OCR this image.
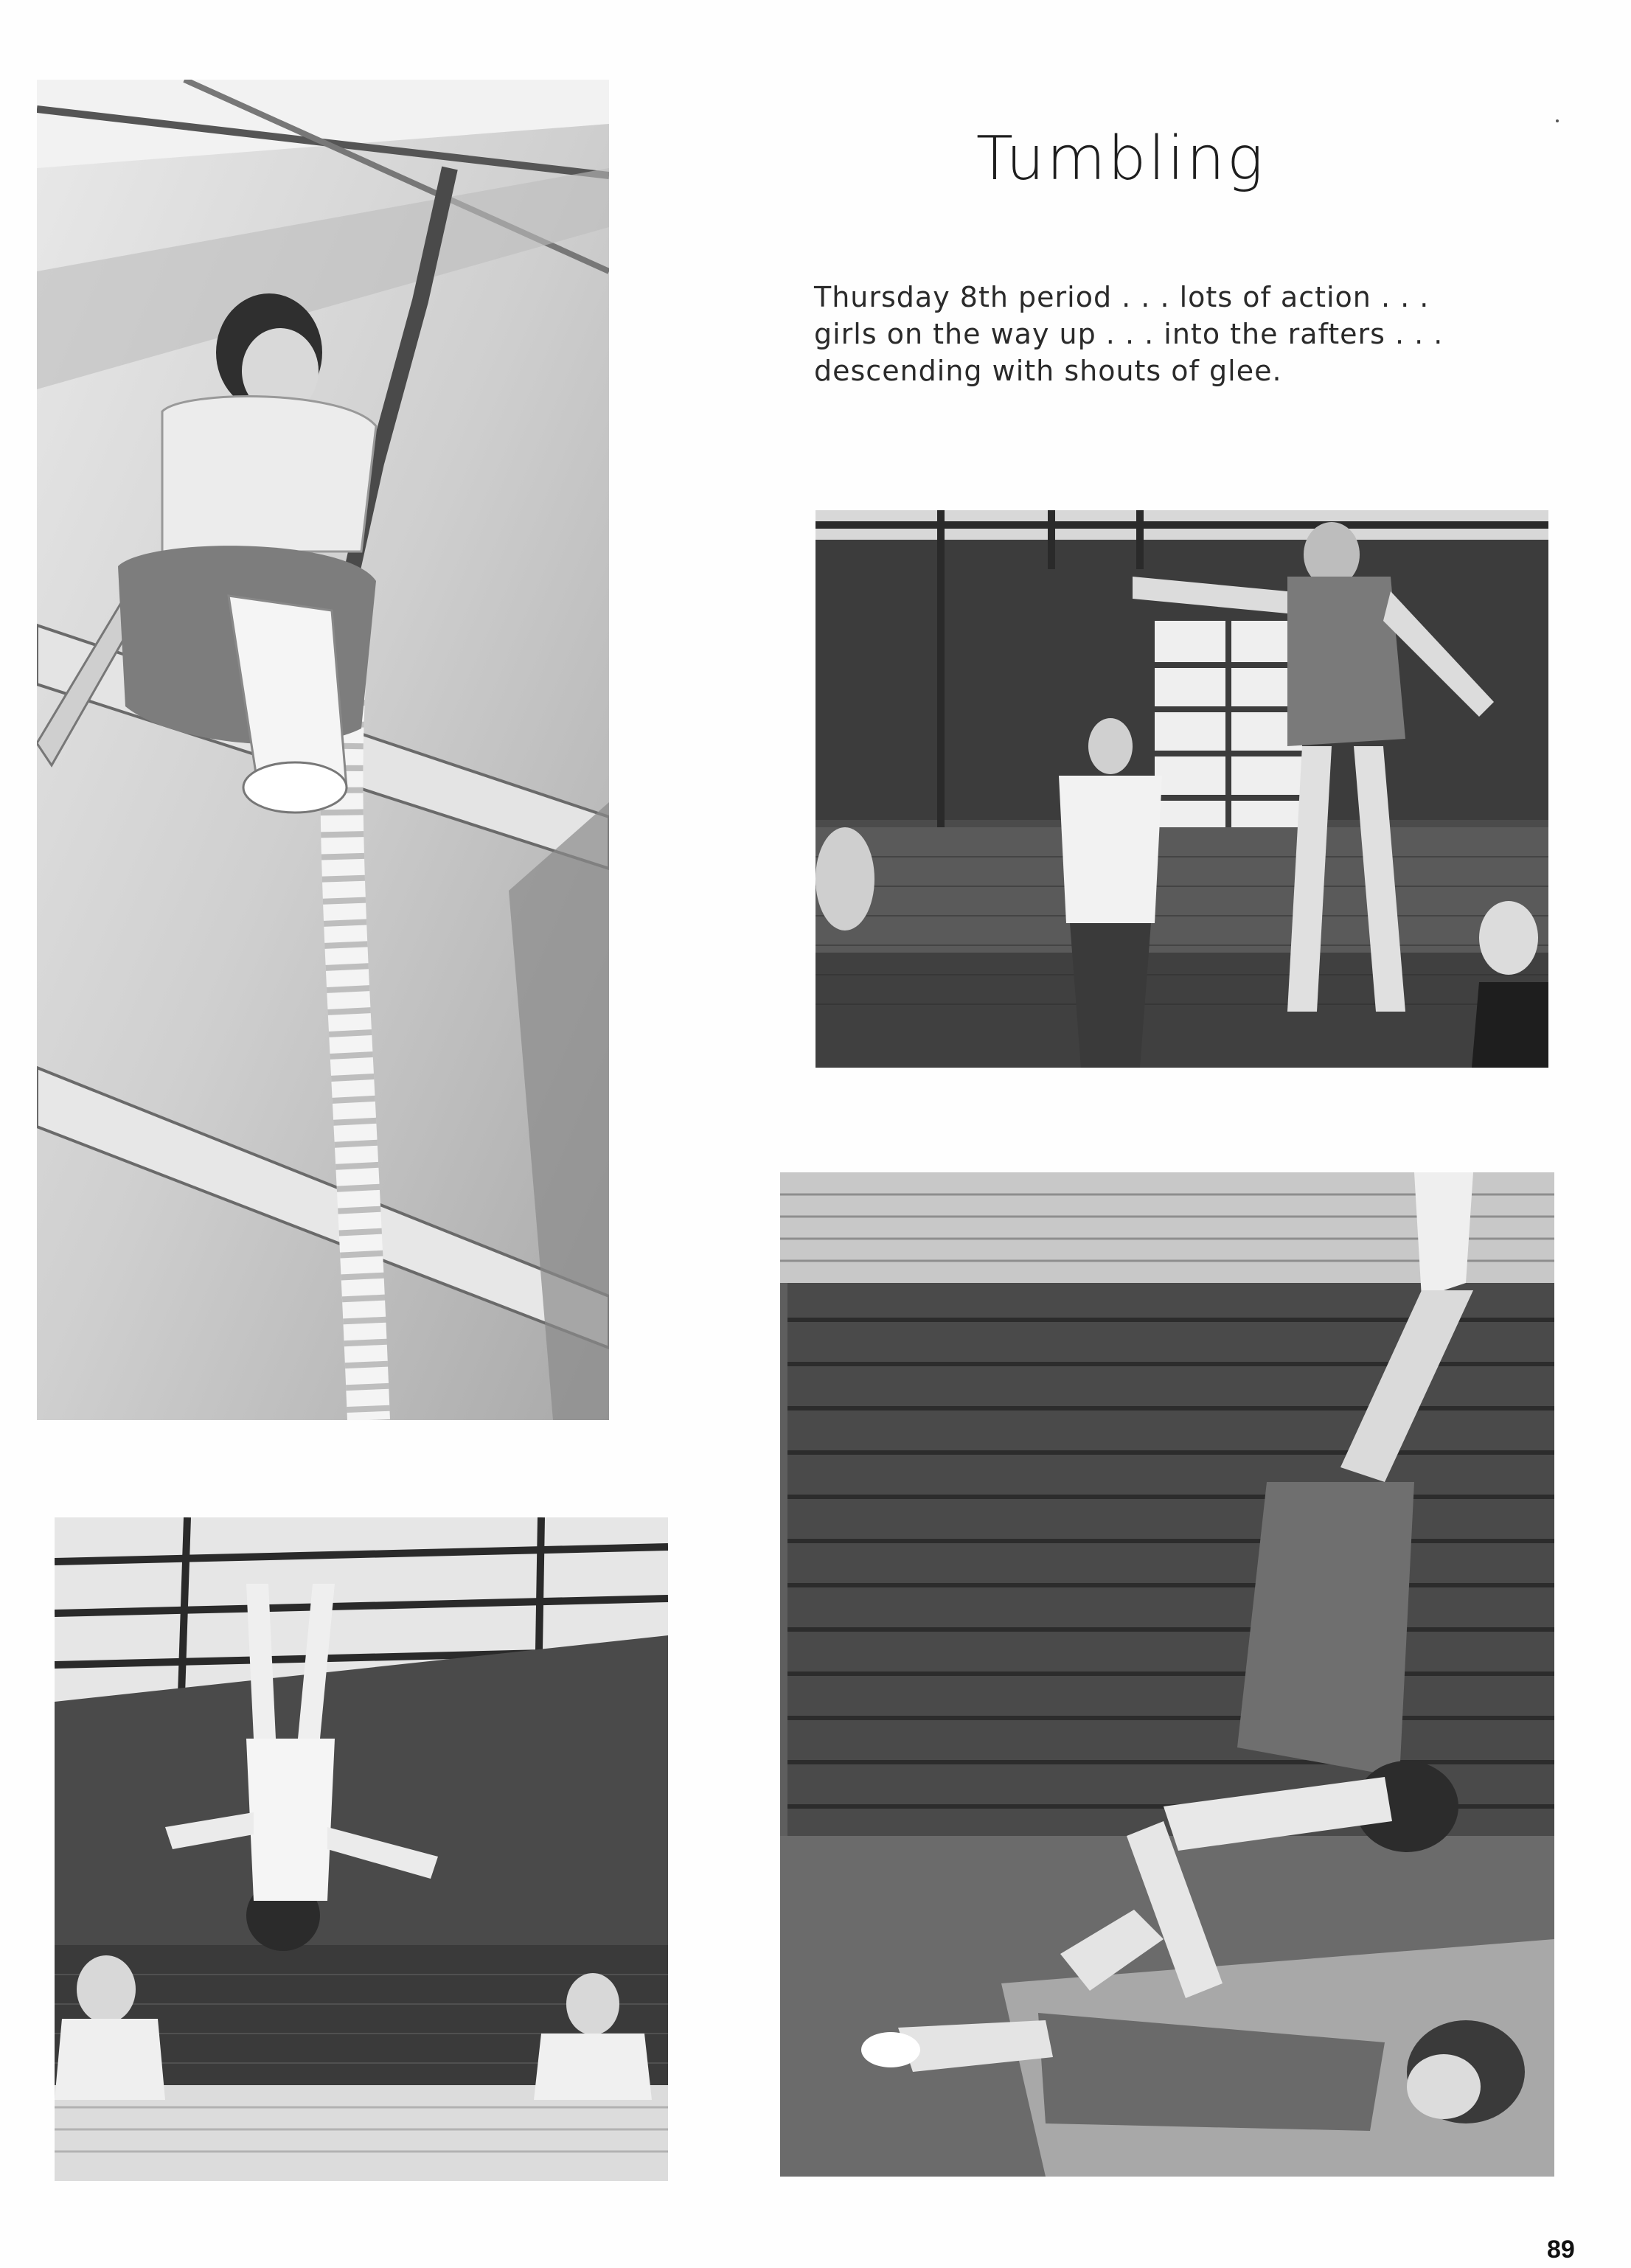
Tumbling
Thursday 8th period . . . lots of action . . . girls on the way up . . . into the rafters . . . descending with shouts of glee.
89
